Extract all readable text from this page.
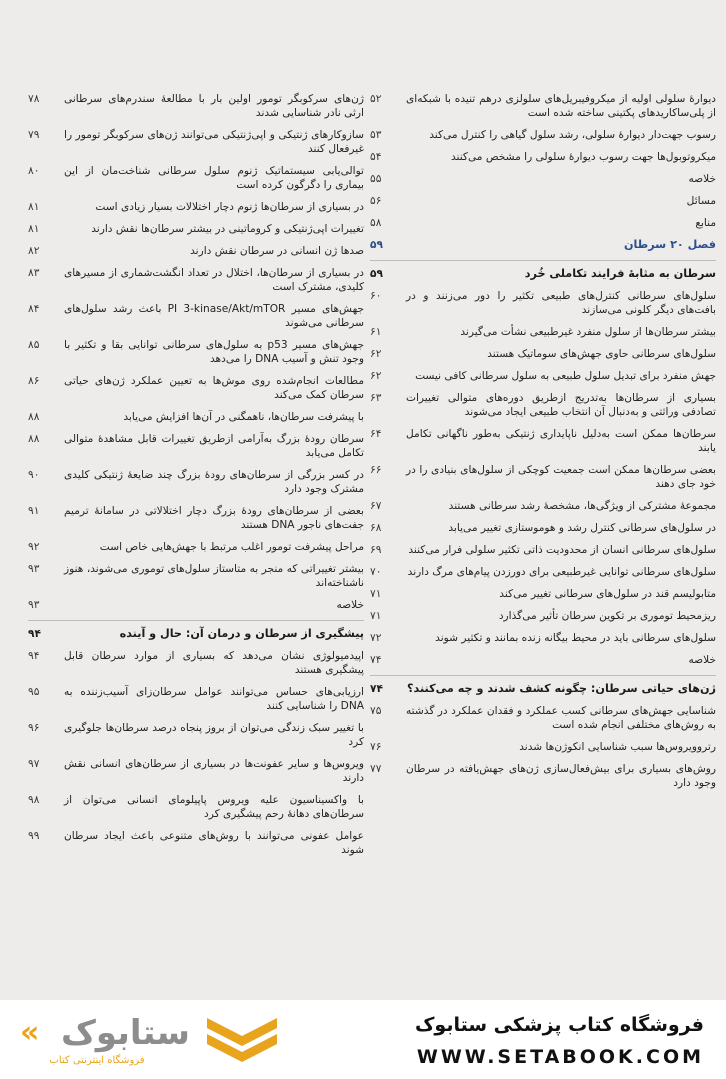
دیوارهٔ سلولی اولیه از میکروفیبریل‌های سلولزی درهم تنیده با شبکه‌ای از پلی‌ساکاریدهای پکتینی ساخته شده است
۵۲
رسوب جهت‌دار دیوارهٔ سلولی، رشد سلول گیاهی را کنترل می‌کند
۵۳
میکروتوبول‌ها جهت رسوب دیوارهٔ سلولی را مشخص می‌کنند
۵۴
خلاصه
۵۵
مسائل
۵۶
منابع
۵۸
فصل ۲۰ سرطان
۵۹
سرطان به مثابهٔ فرایند تکاملی خُرد
۵۹
سلول‌های سرطانی کنترل‌های طبیعی تکثیر را دور می‌زنند و در بافت‌های دیگر کلونی می‌سازند
۶۰
بیشتر سرطان‌ها از سلول منفرد غیرطبیعی نشأت می‌گیرند
۶۱
سلول‌های سرطانی حاوی جهش‌های سوماتیک هستند
۶۲
جهش منفرد برای تبدیل سلول طبیعی به سلول سرطانی کافی نیست
۶۲
بسیاری از سرطان‌ها به‌تدریج ازطریق دوره‌های متوالی تغییرات تصادفی وراثتی و به‌دنبال آن انتخاب طبیعی ایجاد می‌شوند
۶۳
سرطان‌ها ممکن است به‌دلیل ناپایداری ژنتیکی به‌طور ناگهانی تکامل یابند
۶۴
بعضی سرطان‌ها ممکن است جمعیت کوچکی از سلول‌های بنیادی را در خود جای دهند
۶۶
مجموعهٔ مشترکی از ویژگی‌ها، مشخصهٔ رشد سرطانی هستند
۶۷
در سلول‌های سرطانی کنترل رشد و هوموستازی تغییر می‌یابد
۶۸
سلول‌های سرطانی انسان از محدودیت ذاتی تکثیر سلولی فرار می‌کنند
۶۹
سلول‌های سرطانی توانایی غیرطبیعی برای دورزدن پیام‌های مرگ دارند
۷۰
متابولیسم قند در سلول‌های سرطانی تغییر می‌کند
۷۱
ریزمحیط توموری بر تکوین سرطان تأثیر می‌گذارد
۷۱
سلول‌های سرطانی باید در محیط بیگانه زنده بمانند و تکثیر شوند
۷۲
خلاصه
۷۴
ژن‌های حیاتی سرطان: چگونه کشف شدند و چه می‌کنند؟
۷۴
شناسایی جهش‌های سرطانی کسب عملکرد و فقدان عملکرد در گذشته به روش‌های مختلفی انجام شده است
۷۵
رتروویروس‌ها سبب شناسایی انکوژن‌ها شدند
۷۶
روش‌های بسیاری برای بیش‌فعال‌سازی ژن‌های جهش‌یافته در سرطان وجود دارد
۷۷
ژن‌های سرکوبگر تومور اولین بار با مطالعهٔ سندرم‌های سرطانی ارثی نادر شناسایی شدند
۷۸
سازوکارهای ژنتیکی و اپی‌ژنتیکی می‌توانند ژن‌های سرکوبگر تومور را غیرفعال کنند
۷۹
توالی‌یابی سیستماتیک ژنوم سلول سرطانی شناخت‌مان از این بیماری را دگرگون کرده است
۸۰
در بسیاری از سرطان‌ها ژنوم دچار اختلالات بسیار زیادی است
۸۱
تغییرات اپی‌ژنتیکی و کروماتینی در بیشتر سرطان‌ها نقش دارند
۸۱
صدها ژن انسانی در سرطان نقش دارند
۸۲
در بسیاری از سرطان‌ها، اختلال در تعداد انگشت‌شماری از مسیرهای کلیدی، مشترک است
۸۳
جهش‌های مسیر PI 3-kinase/Akt/mTOR باعث رشد سلول‌های سرطانی می‌شوند
۸۴
جهش‌های مسیر p53 به سلول‌های سرطانی توانایی بقا و تکثیر با وجود تنش و آسیب DNA را می‌دهد
۸۵
مطالعات انجام‌شده روی موش‌ها به تعیین عملکرد ژن‌های حیاتی سرطان کمک می‌کند
۸۶
با پیشرفت سرطان‌ها، ناهمگنی در آن‌ها افزایش می‌یابد
۸۸
سرطان رودهٔ بزرگ به‌آرامی ازطریق تغییرات قابل مشاهدهٔ متوالی تکامل می‌یابد
۸۸
در کسر بزرگی از سرطان‌های رودهٔ بزرگ چند ضایعهٔ ژنتیکی کلیدی مشترک وجود دارد
۹۰
بعضی از سرطان‌های رودهٔ بزرگ دچار اختلالاتی در سامانهٔ ترمیم جفت‌های ناجور DNA هستند
۹۱
مراحل پیشرفت تومور اغلب مرتبط با جهش‌هایی خاص است
۹۲
بیشتر تغییراتی که منجر به متاستاز سلول‌های توموری می‌شوند، هنوز ناشناخته‌اند
۹۳
خلاصه
۹۳
پیشگیری از سرطان و درمان آن: حال و آینده
۹۴
اپیدمیولوژی نشان می‌دهد که بسیاری از موارد سرطان قابل پیشگیری هستند
۹۴
ارزیابی‌های حساس می‌توانند عوامل سرطان‌زای آسیب‌زننده به DNA را شناسایی کنند
۹۵
با تغییر سبک زندگی می‌توان از بروز پنجاه درصد سرطان‌ها جلوگیری کرد
۹۶
ویروس‌ها و سایر عفونت‌ها در بسیاری از سرطان‌های انسانی نقش دارند
۹۷
با واکسیناسیون علیه ویروس پاپیلومای انسانی می‌توان از سرطان‌های دهانهٔ رحم پیشگیری کرد
۹۸
عوامل عفونی می‌توانند با روش‌های متنوعی باعث ایجاد سرطان شوند
۹۹
فروشگاه کتاب پزشکی ستابوک
WWW.SETABOOK.COM
ستابوک
«
فروشگاه اینترنتی کتاب
